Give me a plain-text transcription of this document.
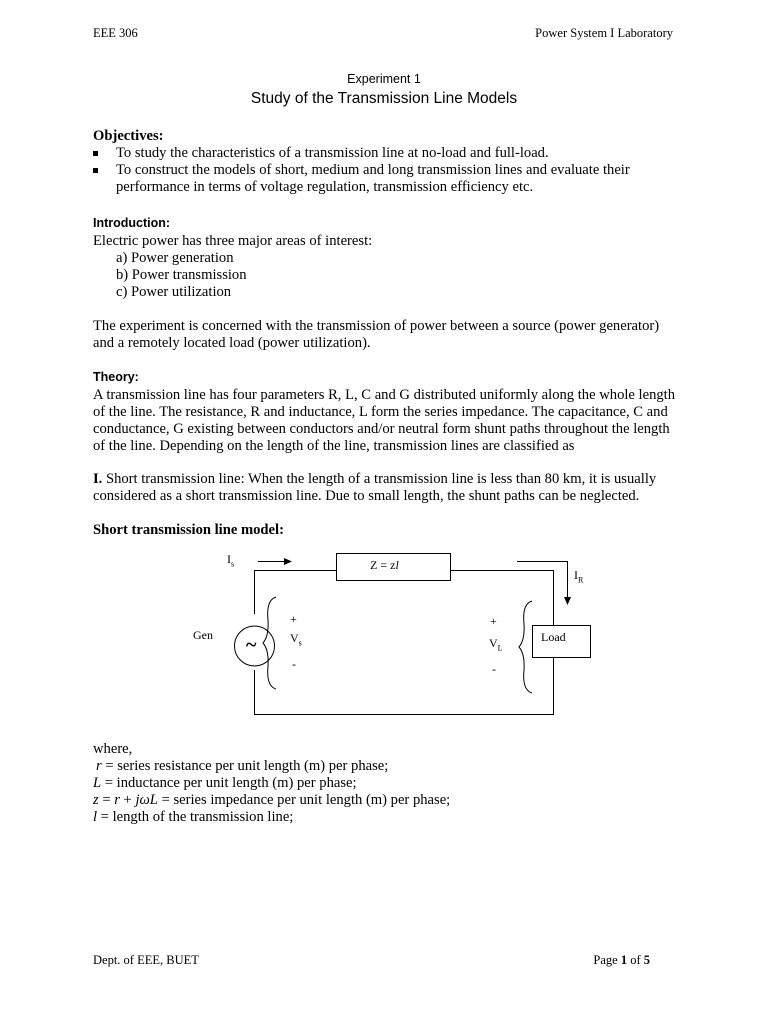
EEE 306	Power System I Laboratory
Experiment 1
Study of the Transmission Line Models
Objectives:
To study the characteristics of a transmission line at no-load and full-load.
To construct the models of short, medium and long transmission lines and evaluate their
performance in terms of voltage regulation, transmission efficiency etc.
Introduction:
Electric power has three major areas of interest:
a) Power generation
b) Power transmission
c) Power utilization
The experiment is concerned with the transmission of power between a source (power generator)
and a remotely located load (power utilization).
Theory:
A transmission line has four parameters R, L, C and G distributed uniformly along the whole length
of the line. The resistance, R and inductance, L form the series impedance. The capacitance, C and
conductance, G existing between conductors and/or neutral form shunt paths throughout the length
of the line. Depending on the length of the line, transmission lines are classified as
I. Short transmission line: When the length of a transmission line is less than 80 km, it is usually
considered as a short transmission line. Due to small length, the shunt paths can be neglected.
Short transmission line model:
$I_s$
$I_R$
Z = zl
Gen ~
+
$V_s$
-
+
$V_L$
-
Load
where,
r = series resistance per unit length (m) per phase;
L = inductance per unit length (m) per phase;
z = r + jωL = series impedance per unit length (m) per phase;
l = length of the transmission line;
Dept. of EEE, BUET	Page 1 of 5
